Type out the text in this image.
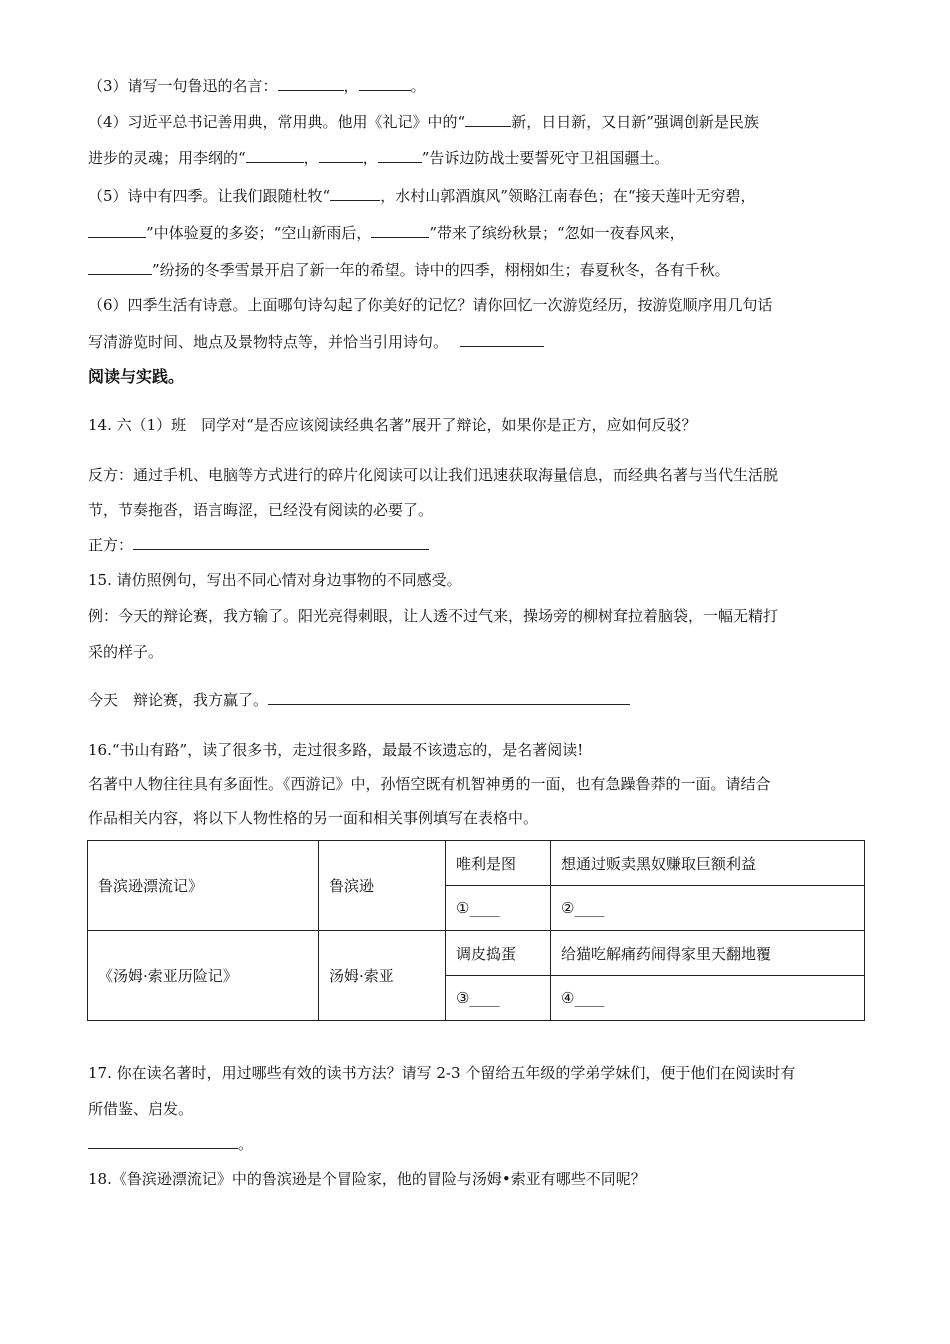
（3）请写一句鲁迅的名言：	，	。
（4）习近平总书记善用典，常用典。他用《礼记》中的“	新，日日新，又日新”强调创新是民族
进步的灵魂；用李纲的“	，	，	”告诉边防战士要誓死守卫祖国疆土。
（5）诗中有四季。让我们跟随杜牧“	，水村山郭酒旗风”领略江南春色；在“接天莲叶无穷碧，
”中体验夏的多姿；“空山新雨后，	”带来了缤纷秋景；“忽如一夜春风来，
”纷扬的冬季雪景开启了新一年的希望。诗中的四季，栩栩如生；春夏秋冬，各有千秋。
（6）四季生活有诗意。上面哪句诗勾起了你美好的记忆？请你回忆一次游览经历，按游览顺序用几句话
写清游览时间、地点及景物特点等，并恰当引用诗句。
阅读与实践。
14. 六（1）班　同学对“是否应该阅读经典名著”展开了辩论，如果你是正方，应如何反驳？
反方：通过手机、电脑等方式进行的碎片化阅读可以让我们迅速获取海量信息，而经典名著与当代生活脱
节，节奏拖沓，语言晦涩，已经没有阅读的必要了。
正方：
15. 请仿照例句，写出不同心情对身边事物的不同感受。
例：今天的辩论赛，我方输了。阳光亮得刺眼，让人透不过气来，操场旁的柳树耷拉着脑袋，一幅无精打
采的样子。
今天　辩论赛，我方赢了。
16.“书山有路”，读了很多书，走过很多路，最最不该遗忘的，是名著阅读!
名著中人物往往具有多面性。《西游记》中，孙悟空既有机智神勇的一面，也有急躁鲁莽的一面。请结合
作品相关内容，将以下人物性格的另一面和相关事例填写在表格中。
鲁滨逊漂流记》	鲁滨逊	唯利是图	想通过贩卖黑奴赚取巨额利益
		①____	②____
《汤姆·索亚历险记》	汤姆·索亚	调皮捣蛋	给猫吃解痛药闹得家里天翻地覆
		③____	④____
17. 你在读名著时，用过哪些有效的读书方法？请写 2-3 个留给五年级的学弟学妹们，便于他们在阅读时有
所借鉴、启发。
。
18.《鲁滨逊漂流记》中的鲁滨逊是个冒险家，他的冒险与汤姆•索亚有哪些不同呢？
